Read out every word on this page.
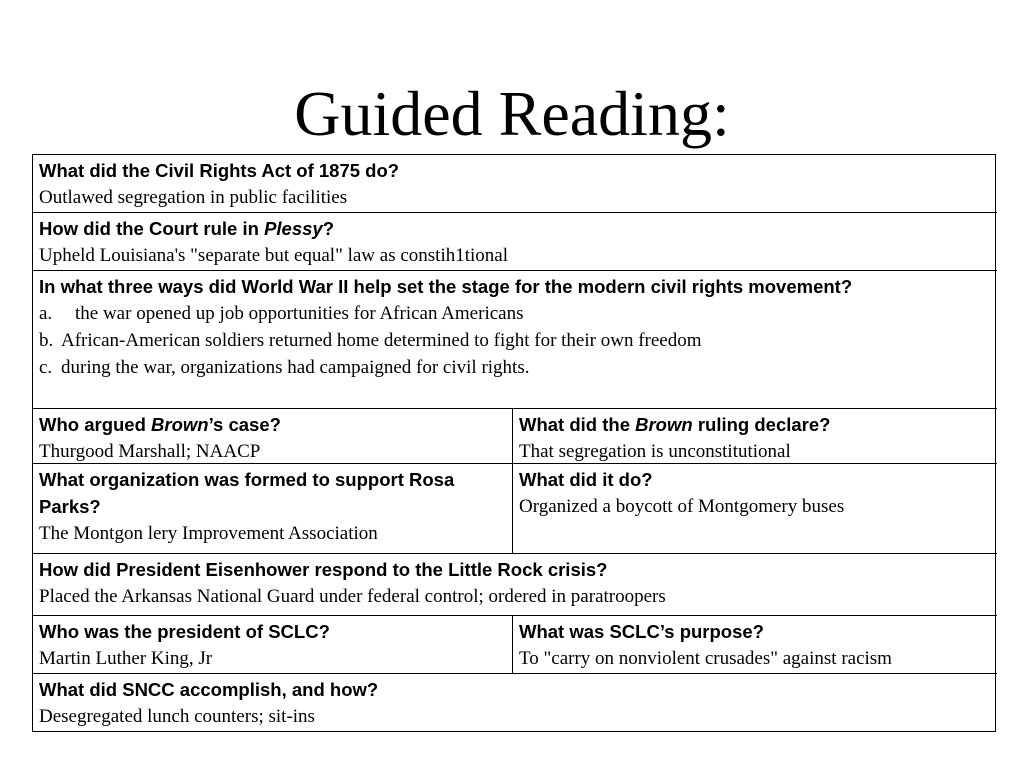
Guided Reading:
What did the Civil Rights Act of 1875 do?
Outlawed segregation in public facilities
How did the Court rule in Plessy?
Upheld Louisiana's "separate but equal" law as constih1tional
In what three ways did World War II help set the stage for the modern civil rights movement?
a. the war opened up job opportunities for African Americans
b. African-American soldiers returned home determined to fight for their own freedom
c. during the war, organizations had campaigned for civil rights.
Who argued Brown’s case?
Thurgood Marshall; NAACP
What did the Brown ruling declare?
That segregation is unconstitutional
What organization was formed to support Rosa Parks?
The Montgon lery Improvement Association
What did it do?
Organized a boycott of Montgomery buses
How did President Eisenhower respond to the Little Rock crisis?
Placed the Arkansas National Guard under federal control; ordered in paratroopers
Who was the president of SCLC?
Martin Luther King, Jr
What was SCLC’s purpose?
To "carry on nonviolent crusades" against racism
What did SNCC accomplish, and how?
Desegregated lunch counters; sit-ins
